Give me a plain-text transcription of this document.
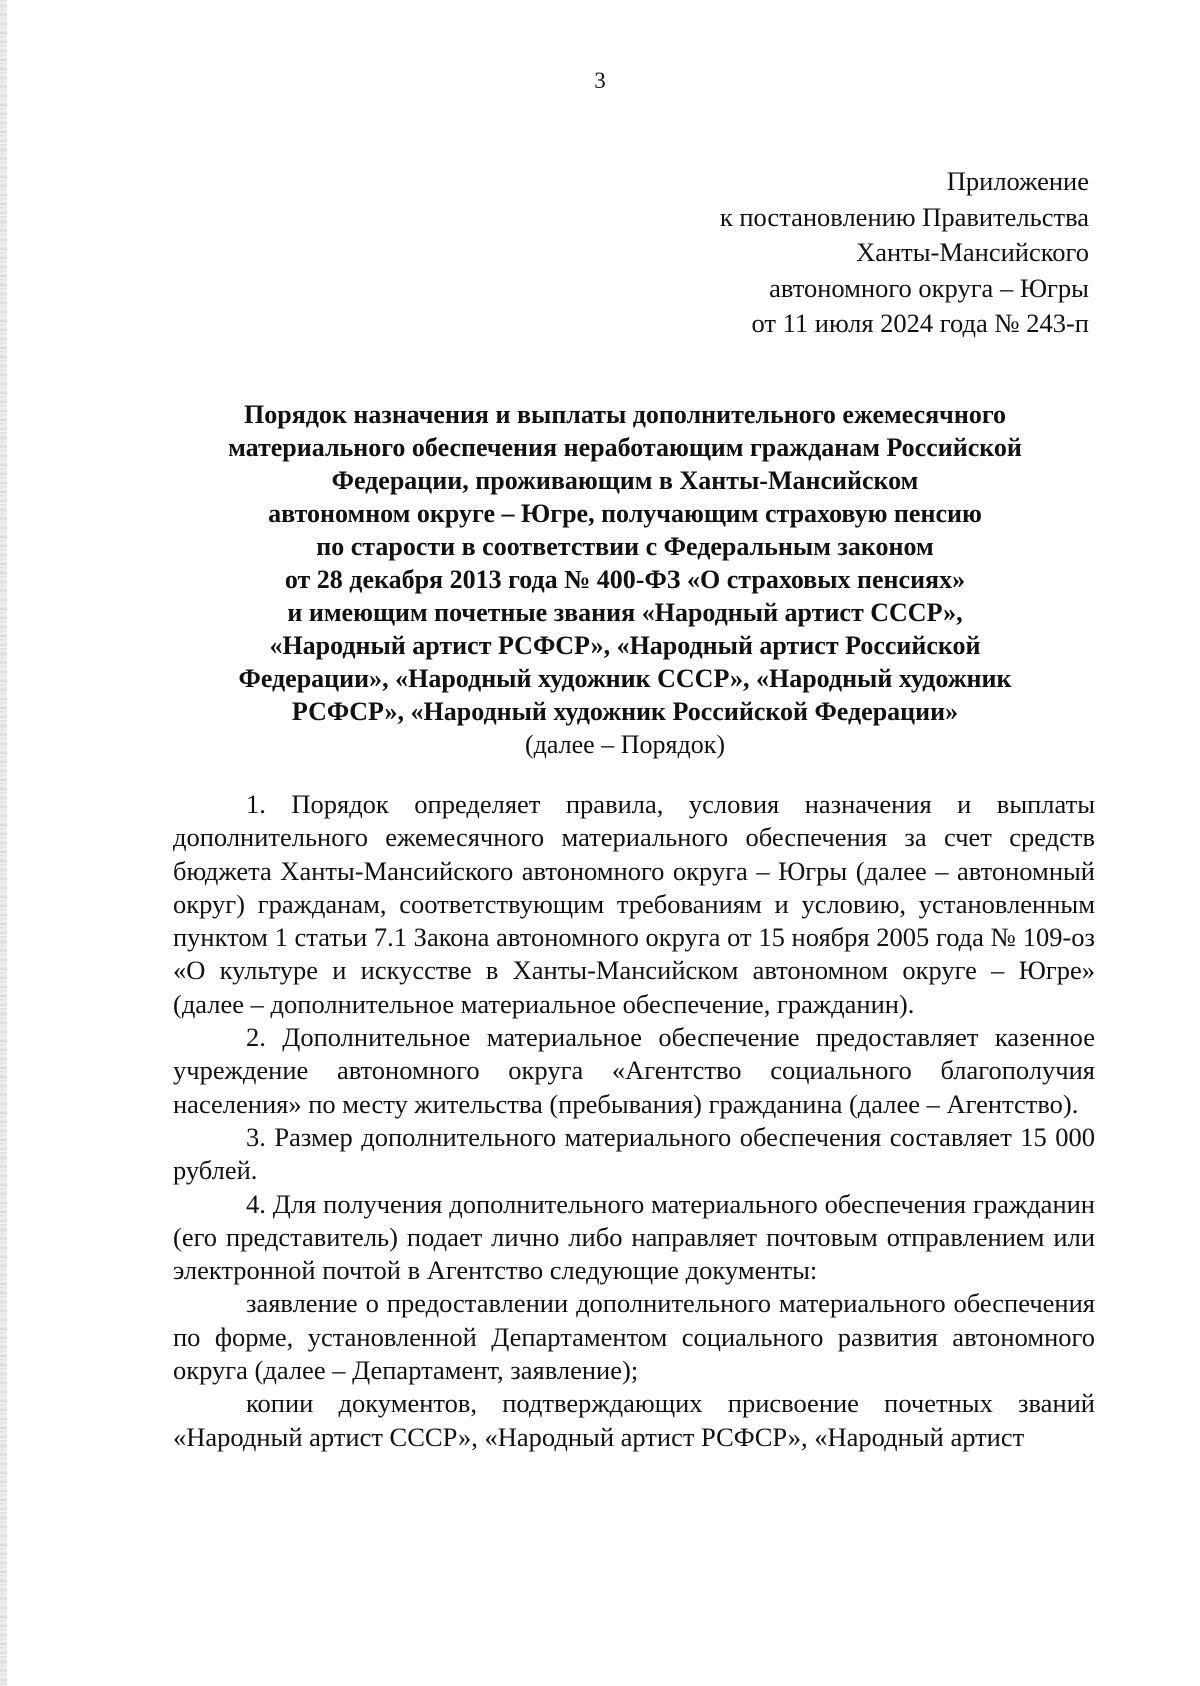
3
Приложение
к постановлению Правительства
Ханты-Мансийского
автономного округа – Югры
от 11 июля 2024 года № 243-п
Порядок назначения и выплаты дополнительного ежемесячного
материального обеспечения неработающим гражданам Российской
Федерации, проживающим в Ханты-Мансийском
автономном округе – Югре, получающим страховую пенсию
по старости в соответствии с Федеральным законом
от 28 декабря 2013 года № 400-ФЗ «О страховых пенсиях»
и имеющим почетные звания «Народный артист СССР»,
«Народный артист РСФСР», «Народный артист Российской
Федерации», «Народный художник СССР», «Народный художник
РСФСР», «Народный художник Российской Федерации»
(далее – Порядок)

1. Порядок определяет правила, условия назначения и выплаты дополнительного ежемесячного материального обеспечения за счет средств бюджета Ханты-Мансийского автономного округа – Югры (далее – автономный округ) гражданам, соответствующим требованиям и условию, установленным пунктом 1 статьи 7.1 Закона автономного округа от 15 ноября 2005 года № 109-оз «О культуре и искусстве в Ханты-Мансийском автономном округе – Югре» (далее – дополнительное материальное обеспечение, гражданин).

2. Дополнительное материальное обеспечение предоставляет казенное учреждение автономного округа «Агентство социального благополучия населения» по месту жительства (пребывания) гражданина (далее – Агентство).

3. Размер дополнительного материального обеспечения составляет 15 000 рублей.

4. Для получения дополнительного материального обеспечения гражданин (его представитель) подает лично либо направляет почтовым отправлением или электронной почтой в Агентство следующие документы:

заявление о предоставлении дополнительного материального обеспечения по форме, установленной Департаментом социального развития автономного округа (далее – Департамент, заявление);

копии документов, подтверждающих присвоение почетных званий «Народный артист СССР», «Народный артист РСФСР», «Народный артист
